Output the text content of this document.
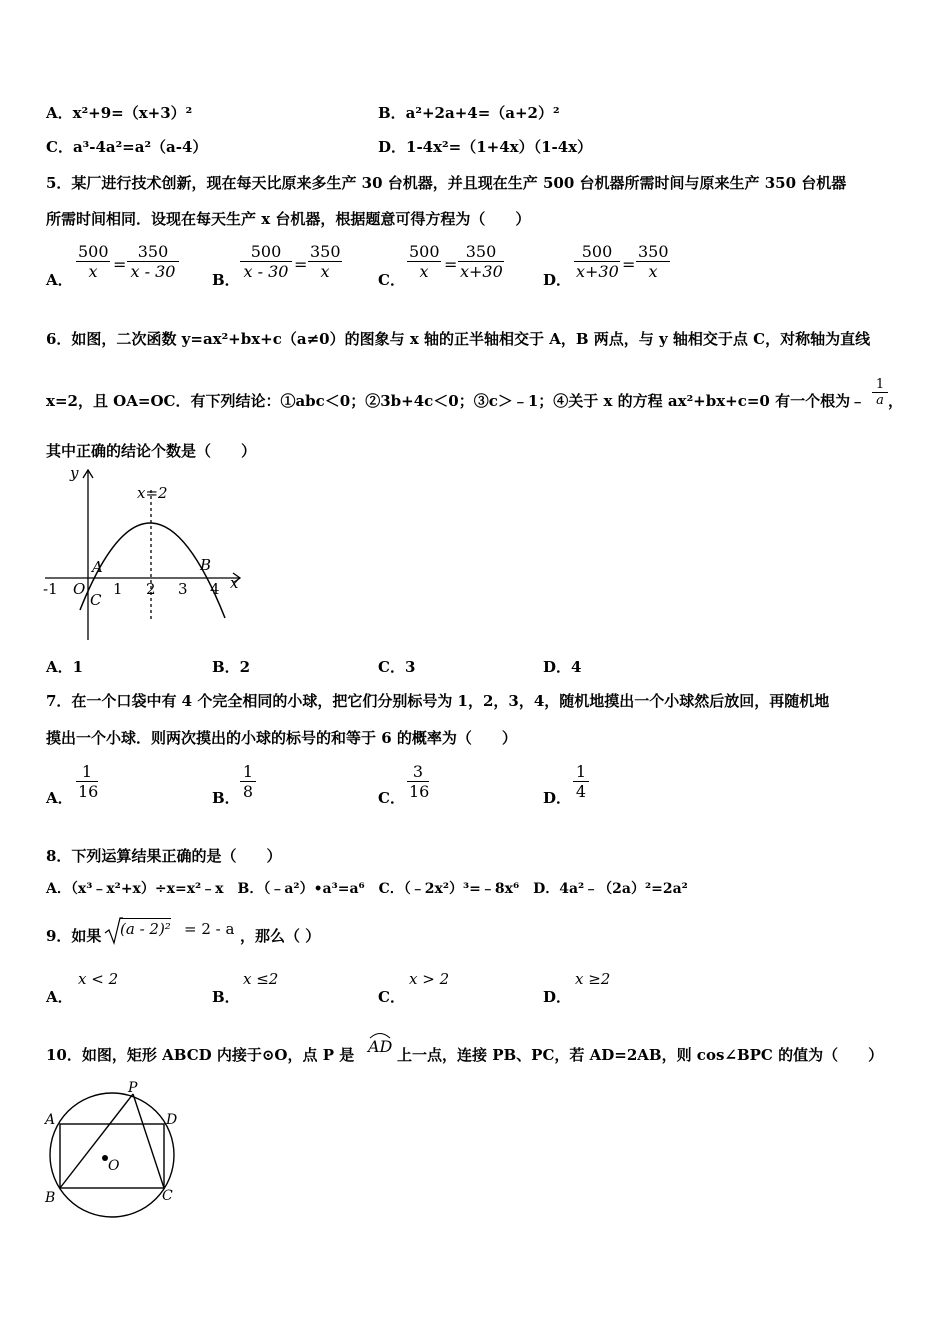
A．x²+9=（x+3）²	B．a²+2a+4=（a+2）²
C．a³-4a²=a²（a-4）	D．1-4x²=（1+4x）（1-4x）
5．某厂进行技术创新，现在每天比原来多生产 30 台机器，并且现在生产 500 台机器所需时间与原来生产 350 台机器
所需时间相同．设现在每天生产 x 台机器，根据题意可得方程为（　　）
A． $\frac{500}{x} = \frac{350}{x - 30}$ B． $\frac{500}{x - 30} = \frac{350}{x}$ C． $\frac{500}{x} = \frac{350}{x+30}$	D． $\frac{500}{x+30} = \frac{350}{x}$
6．如图，二次函数 y=ax²+bx+c（a≠0）的图象与 x 轴的正半轴相交于 A，B 两点，与 y 轴相交于点 C，对称轴为直线
x=2，且 OA=OC．有下列结论：①abc＜0；②3b+4c＜0；③c＞﹣1；④关于 x 的方程 ax²+bx+c=0 有一个根为﹣ $\frac{1}{a}$ ，
其中正确的结论个数是（　　）
y
x
x=2
A	B
C
O
-1	1 2 3 4
A．1	B．2	C．3	D．4
7．在一个口袋中有 4 个完全相同的小球，把它们分别标号为 1，2，3，4，随机地摸出一个小球然后放回，再随机地
摸出一个小球．则两次摸出的小球的标号的和等于 6 的概率为（　　）
A． $\frac{1}{16}$	B． $\frac{1}{8}$	C． $\frac{3}{16}$	D． $\frac{1}{4}$
8．下列运算结果正确的是（　　）
A．（x³﹣x²+x）÷x=x²﹣x　B．（﹣a²）•a³=a⁶　C．（﹣2x²）³=﹣8x⁶　D．4a²﹣（2a）²=2a²
9．如果 (a - 2)² = 2 - a ，那么（ ）
A．
x < 2
B．
x ≤2
C．
x > 2
D．
x ≥2
10．如图，矩形 ABCD 内接于⊙O，点 P 是 AD 上一点，连接 PB、PC，若 AD=2AB，则 cos∠BPC 的值为（　　）
P
A	D
B	C
O
